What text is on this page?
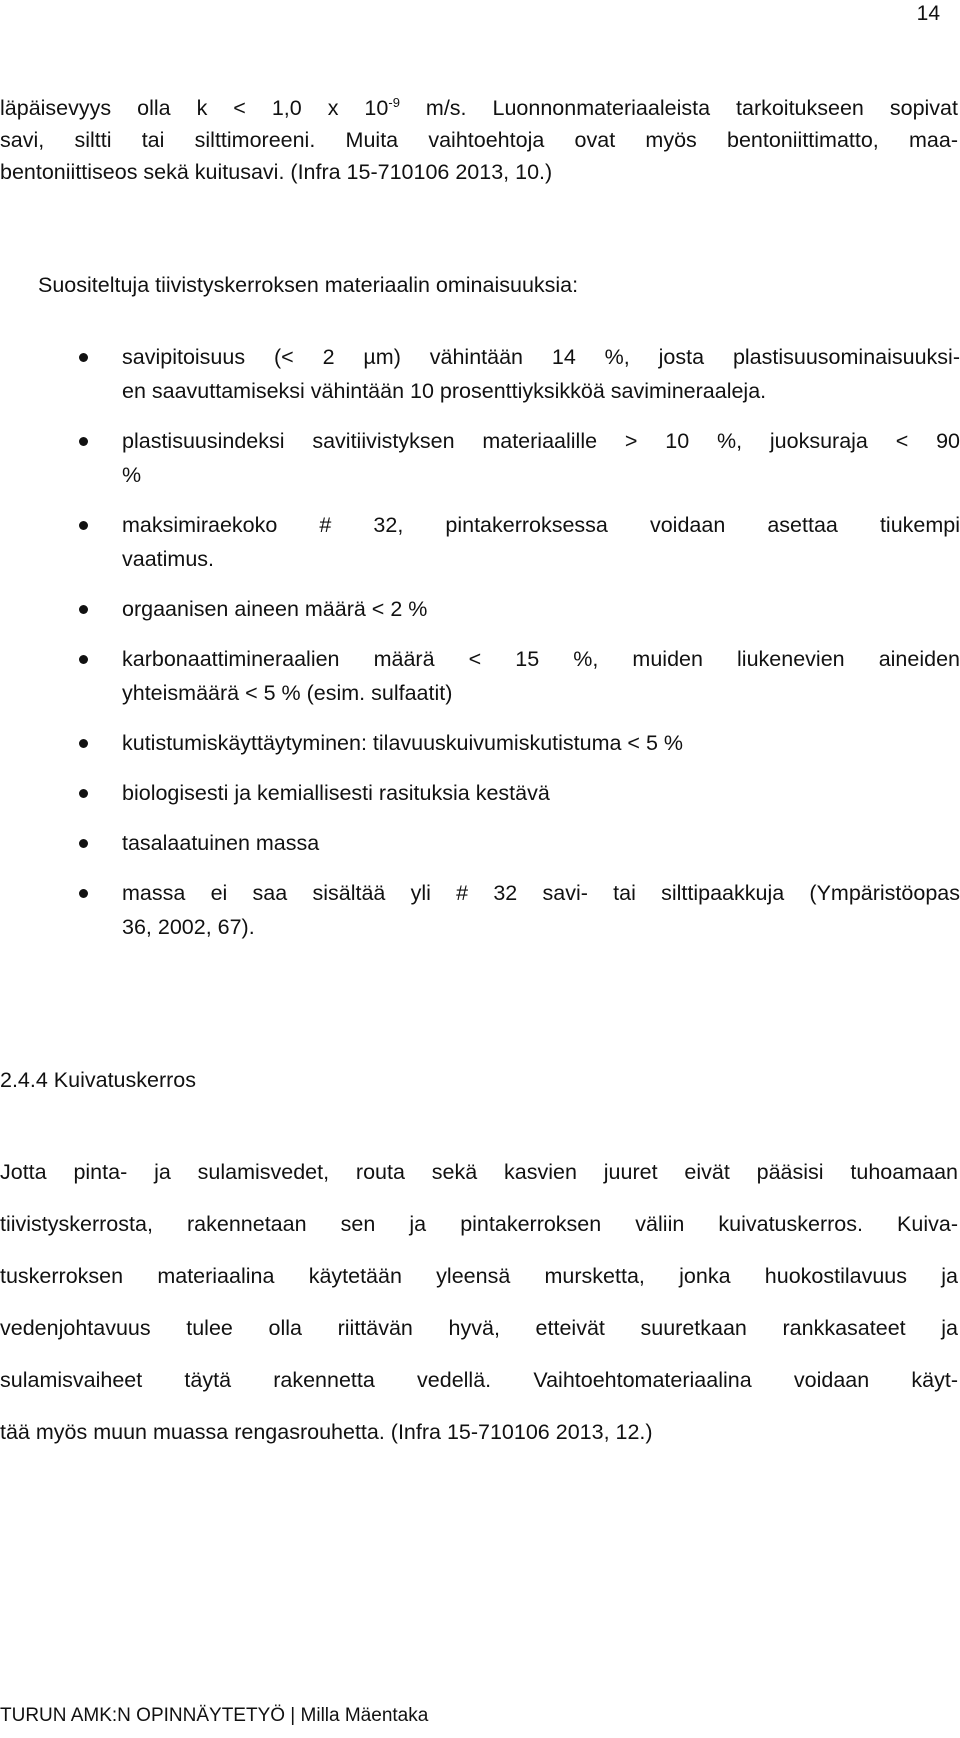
14
läpäisevyys olla k < 1,0 x $10^{-9}$ m/s. Luonnonmateriaaleista tarkoitukseen sopivat
savi, siltti tai silttimoreeni. Muita vaihtoehtoja ovat myös bentoniittimatto, maa-
bentoniittiseos sekä kuitusavi. (Infra 15-710106 2013, 10.)
Suositeltuja tiivistyskerroksen materiaalin ominaisuuksia:
savipitoisuus (< 2 µm) vähintään 14 %, josta plastisuusominaisuuksi-
en saavuttamiseksi vähintään 10 prosenttiyksikköä savimineraaleja.
plastisuusindeksi savitiivistyksen materiaalille > 10 %, juoksuraja < 90
%
maksimiraekoko # 32, pintakerroksessa voidaan asettaa tiukempi
vaatimus.
orgaanisen aineen määrä < 2 %
karbonaattimineraalien määrä < 15 %, muiden liukenevien aineiden
yhteismäärä < 5 % (esim. sulfaatit)
kutistumiskäyttäytyminen: tilavuuskuivumiskutistuma < 5 %
biologisesti ja kemiallisesti rasituksia kestävä
tasalaatuinen massa
massa ei saa sisältää yli # 32 savi- tai silttipaakkuja (Ympäristöopas
36, 2002, 67).
2.4.4 Kuivatuskerros
Jotta pinta- ja sulamisvedet, routa sekä kasvien juuret eivät pääsisi tuhoamaan
tiivistyskerrosta, rakennetaan sen ja pintakerroksen väliin kuivatuskerros. Kuiva-
tuskerroksen materiaalina käytetään yleensä mursketta, jonka huokostilavuus ja
vedenjohtavuus tulee olla riittävän hyvä, etteivät suuretkaan rankkasateet ja
sulamisvaiheet täytä rakennetta vedellä. Vaihtoehtomateriaalina voidaan käyt-
tää myös muun muassa rengasrouhetta. (Infra 15-710106 2013, 12.)
TURUN AMK:N OPINNÄYTETYÖ | Milla Mäentaka
